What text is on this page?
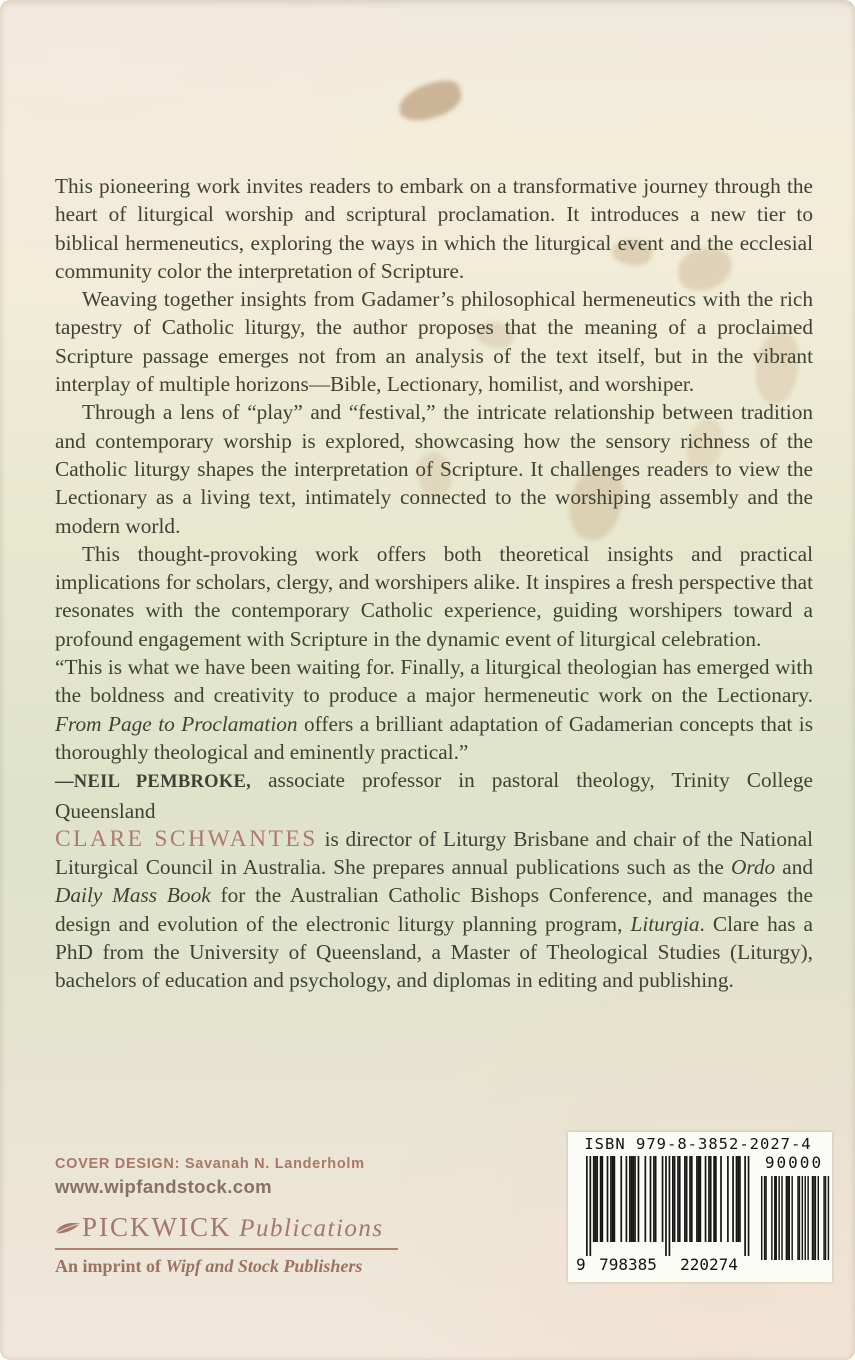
This pioneering work invites readers to embark on a transformative journey through the heart of liturgical worship and scriptural proclamation. It introduces a new tier to biblical hermeneutics, exploring the ways in which the liturgical event and the ecclesial community color the interpretation of Scripture.

Weaving together insights from Gadamer’s philosophical hermeneutics with the rich tapestry of Catholic liturgy, the author proposes that the meaning of a proclaimed Scripture passage emerges not from an analysis of the text itself, but in the vibrant interplay of multiple horizons—Bible, Lectionary, homilist, and worshiper.

Through a lens of “play” and “festival,” the intricate relationship between tradition and contemporary worship is explored, showcasing how the sensory richness of the Catholic liturgy shapes the interpretation of Scripture. It challenges readers to view the Lectionary as a living text, intimately connected to the worshiping assembly and the modern world.

This thought-provoking work offers both theoretical insights and practical implications for scholars, clergy, and worshipers alike. It inspires a fresh perspective that resonates with the contemporary Catholic experience, guiding worshipers toward a profound engagement with Scripture in the dynamic event of liturgical celebration.

“This is what we have been waiting for. Finally, a liturgical theologian has emerged with the boldness and creativity to produce a major hermeneutic work on the Lectionary. From Page to Proclamation offers a brilliant adaptation of Gadamerian concepts that is thoroughly theological and eminently practical.”

—NEIL PEMBROKE, associate professor in pastoral theology, Trinity College Queensland

CLARE SCHWANTES is director of Liturgy Brisbane and chair of the National Liturgical Council in Australia. She prepares annual publications such as the Ordo and Daily Mass Book for the Australian Catholic Bishops Conference, and manages the design and evolution of the electronic liturgy planning program, Liturgia. Clare has a PhD from the University of Queensland, a Master of Theological Studies (Liturgy), bachelors of education and psychology, and diplomas in editing and publishing.

COVER DESIGN: Savanah N. Landerholm

www.wipfandstock.com

PICKWICK Publications

An imprint of Wipf and Stock Publishers

ISBN 979-8-3852-2027-4
90000
9 798385 220274
